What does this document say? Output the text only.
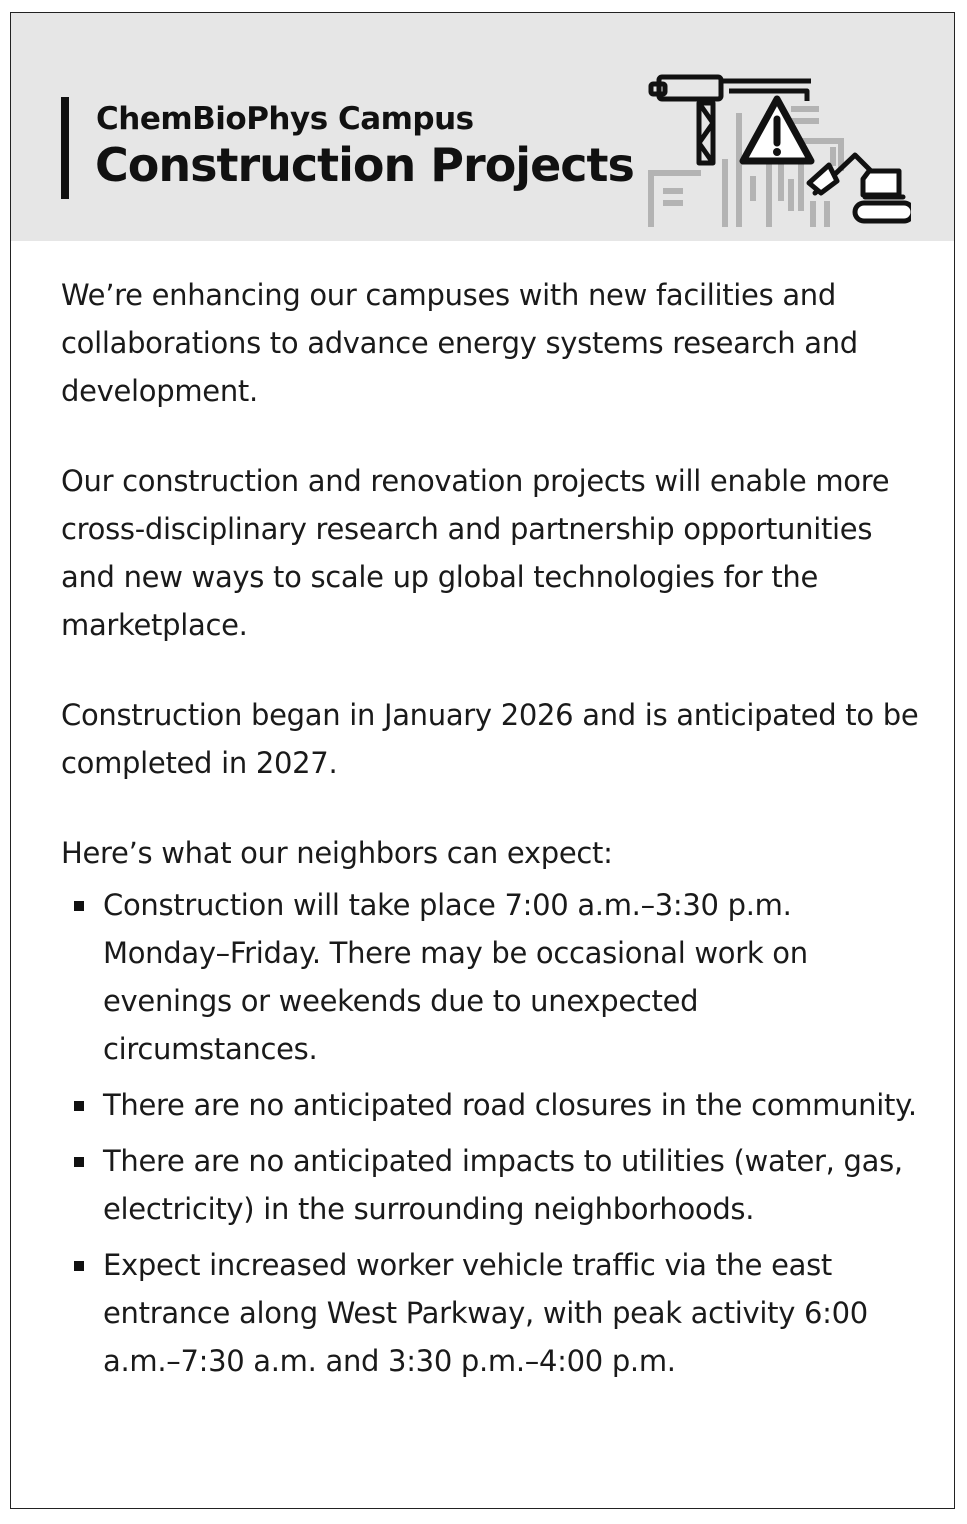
ChemBioPhys Campus
Construction Projects

We’re enhancing our campuses with new facilities and collaborations to advance energy systems research and development.

Our construction and renovation projects will enable more cross-disciplinary research and partnership opportunities and new ways to scale up global technologies for the marketplace.

Construction began in January 2026 and is anticipated to be completed in 2027.

Here’s what our neighbors can expect:

Construction will take place 7:00 a.m.–3:30 p.m. Monday–Friday. There may be occasional work on evenings or weekends due to unexpected circumstances.
There are no anticipated road closures in the community.
There are no anticipated impacts to utilities (water, gas, electricity) in the surrounding neighborhoods.
Expect increased worker vehicle traffic via the east entrance along West Parkway, with peak activity 6:00 a.m.–7:30 a.m. and 3:30 p.m.–4:00 p.m.
